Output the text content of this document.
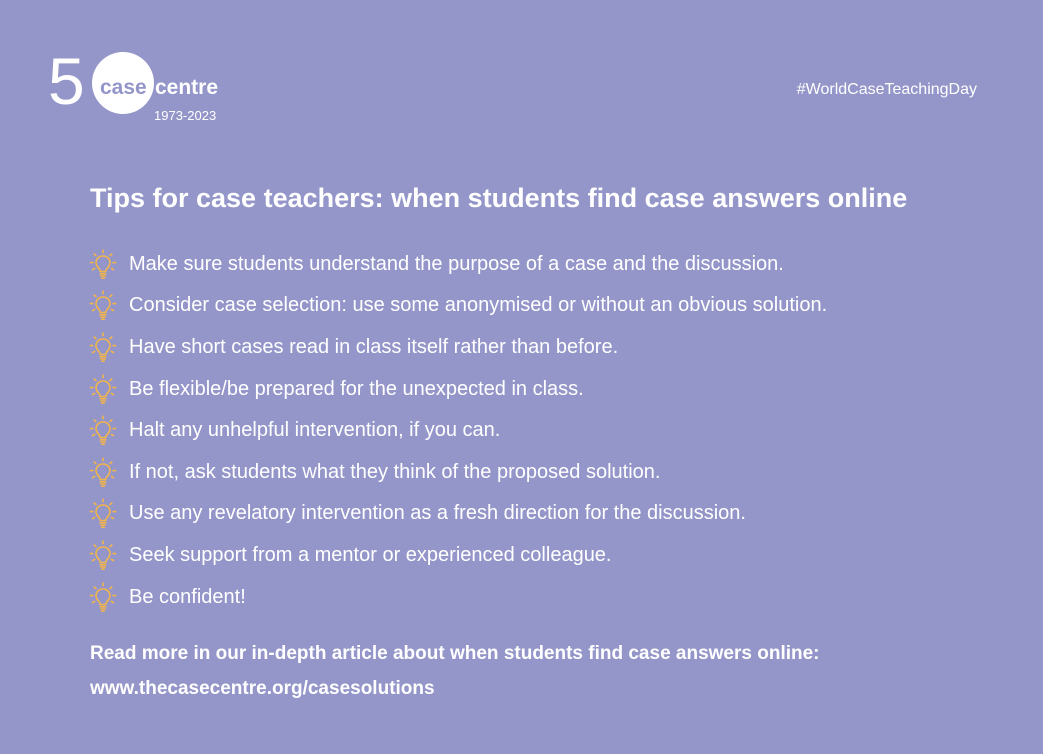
5 case centre
1973-2023
#WorldCaseTeachingDay
Tips for case teachers: when students find case answers online
Make sure students understand the purpose of a case and the discussion.
Consider case selection: use some anonymised or without an obvious solution.
Have short cases read in class itself rather than before.
Be flexible/be prepared for the unexpected in class.
Halt any unhelpful intervention, if you can.
If not, ask students what they think of the proposed solution.
Use any revelatory intervention as a fresh direction for the discussion.
Seek support from a mentor or experienced colleague.
Be confident!
Read more in our in-depth article about when students find case answers online:
www.thecasecentre.org/casesolutions
